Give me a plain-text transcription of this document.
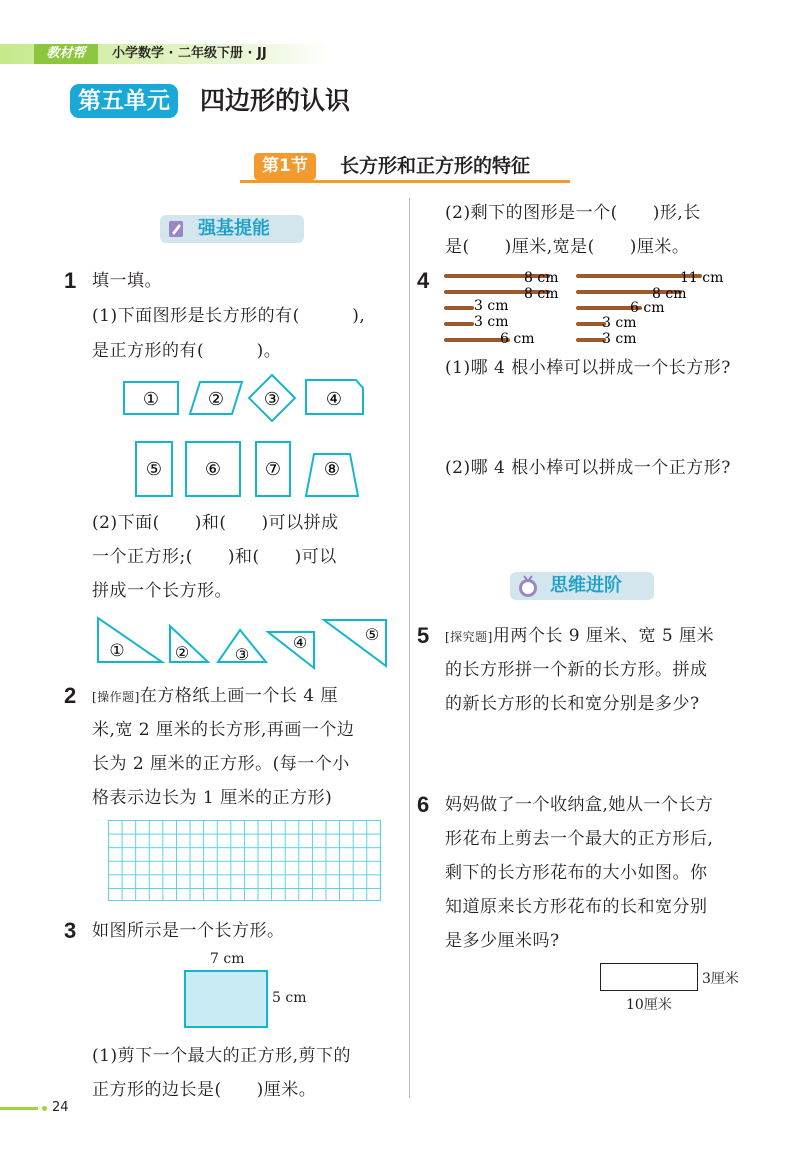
教材帮	小学数学 · 二年级下册 · JJ
第五单元	四边形的认识
第1节	长方形和正方形的特征
强基提能
1 填一填。
(1)下面图形是长方形的有(　　　),
是正方形的有(　　　)。
①	② ③	④
⑤ ⑥ ⑦ ⑧
(2)下面(　　)和(　　)可以拼成
一个正方形;(　　)和(　　)可以
拼成一个长方形。
①	②	③
④	⑤
2 [操作题]在方格纸上画一个长 4 厘
米,宽 2 厘米的长方形,再画一个边
长为 2 厘米的正方形。(每一个小
格表示边长为 1 厘米的正方形)
3 如图所示是一个长方形。
7 cm
5 cm
(1)剪下一个最大的正方形,剪下的
正方形的边长是(　　)厘米。
(2)剩下的图形是一个(　　)形,长
是(　　)厘米,宽是(　　)厘米。
4	8 cm
8 cm
3 cm
3 cm
6 cm
11 cm
8 cm
6 cm
3 cm
3 cm
(1)哪 4 根小棒可以拼成一个长方形?
(2)哪 4 根小棒可以拼成一个正方形?
思维进阶
5 [探究题]用两个长 9 厘米、宽 5 厘米
的长方形拼一个新的长方形。拼成
的新长方形的长和宽分别是多少?
6 妈妈做了一个收纳盒,她从一个长方
形花布上剪去一个最大的正方形后,
剩下的长方形花布的大小如图。你
知道原来长方形花布的长和宽分别
是多少厘米吗?
3厘米
10厘米
24
